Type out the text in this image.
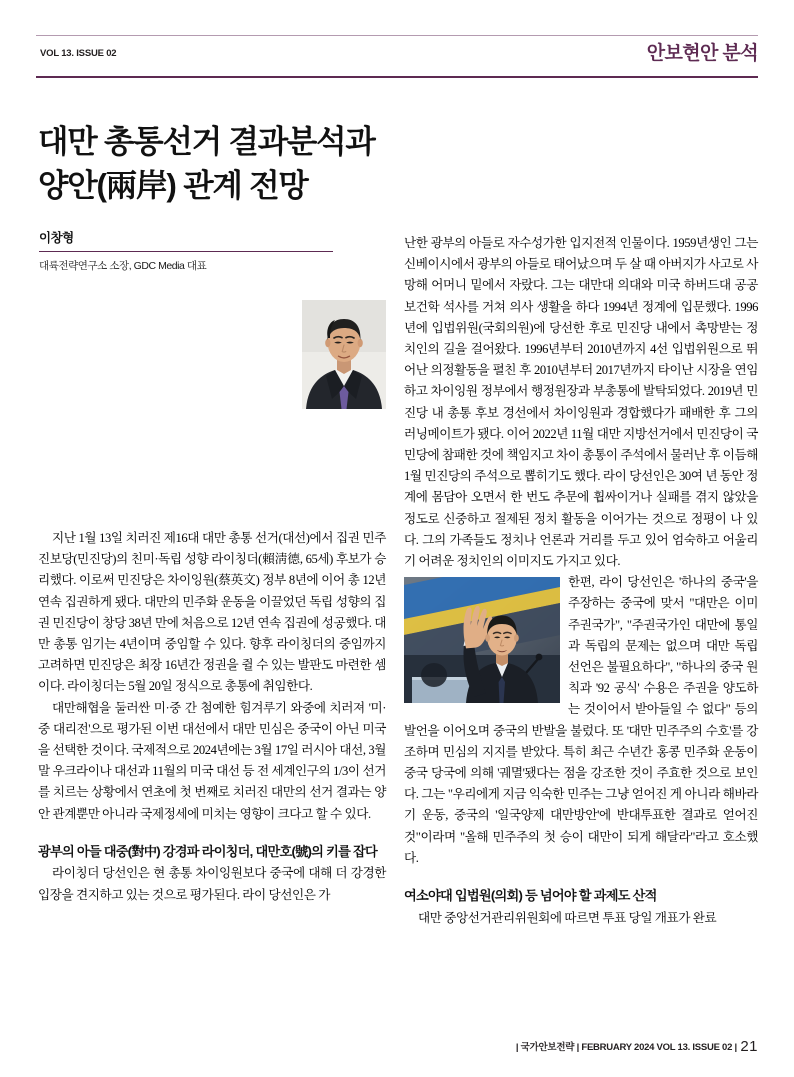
VOL 13. ISSUE 02	안보현안 분석
대만 총통선거 결과분석과
양안(兩岸) 관계 전망
이창형
대륙전략연구소 소장, GDC Media 대표

지난 1월 13일 치러진 제16대 대만 총통 선거(대선)에서 집권 민주진보당(민진당)의 친미·독립 성향 라이칭더(賴淸德, 65세) 후보가 승리했다. 이로써 민진당은 차이잉원(蔡英文) 정부 8년에 이어 총 12년 연속 집권하게 됐다. 대만의 민주화 운동을 이끌었던 독립 성향의 집권 민진당이 창당 38년 만에 처음으로 12년 연속 집권에 성공했다. 대만 총통 임기는 4년이며 중임할 수 있다. 향후 라이칭더의 중임까지 고려하면 민진당은 최장 16년간 정권을 쥘 수 있는 발판도 마련한 셈이다. 라이칭더는 5월 20일 정식으로 총통에 취임한다.

대만해협을 둘러싼 미·중 간 첨예한 힘겨루기 와중에 치러져 '미·중 대리전'으로 평가된 이번 대선에서 대만 민심은 중국이 아닌 미국을 선택한 것이다. 국제적으로 2024년에는 3월 17일 러시아 대선, 3월 말 우크라이나 대선과 11월의 미국 대선 등 전 세계인구의 1/3이 선거를 치르는 상황에서 연초에 첫 번째로 치러진 대만의 선거 결과는 양안 관계뿐만 아니라 국제정세에 미치는 영향이 크다고 할 수 있다.

광부의 아들 대중(對中) 강경파 라이칭더, 대만호(號)의 키를 잡다

라이칭더 당선인은 현 총통 차이잉원보다 중국에 대해 더 강경한 입장을 견지하고 있는 것으로 평가된다. 라이 당선인은 가

난한 광부의 아들로 자수성가한 입지전적 인물이다. 1959년생인 그는 신베이시에서 광부의 아들로 태어났으며 두 살 때 아버지가 사고로 사망해 어머니 밑에서 자랐다. 그는 대만대 의대와 미국 하버드대 공공보건학 석사를 거쳐 의사 생활을 하다 1994년 정계에 입문했다. 1996년에 입법위원(국회의원)에 당선한 후로 민진당 내에서 촉망받는 정치인의 길을 걸어왔다. 1996년부터 2010년까지 4선 입법위원으로 뛰어난 의정활동을 펼친 후 2010년부터 2017년까지 타이난 시장을 연임하고 차이잉원 정부에서 행정원장과 부총통에 발탁되었다. 2019년 민진당 내 총통 후보 경선에서 차이잉원과 경합했다가 패배한 후 그의 러닝메이트가 됐다. 이어 2022년 11월 대만 지방선거에서 민진당이 국민당에 참패한 것에 책임지고 차이 총통이 주석에서 물러난 후 이듬해 1월 민진당의 주석으로 뽑히기도 했다. 라이 당선인은 30여 년 동안 정계에 몸담아 오면서 한 번도 추문에 휩싸이거나 실패를 겪지 않았을 정도로 신중하고 절제된 정치 활동을 이어가는 것으로 정평이 나 있다. 그의 가족들도 정치나 언론과 거리를 두고 있어 엄숙하고 어울리기 어려운 정치인의 이미지도 가지고 있다.

한편, 라이 당선인은 '하나의 중국'을 주장하는 중국에 맞서 "대만은 이미 주권국가", "주권국가인 대만에 통일과 독립의 문제는 없으며 대만 독립 선언은 불필요하다", "하나의 중국 원칙과 '92 공식' 수용은 주권을 양도하는 것이어서 받아들일 수 없다" 등의 발언을 이어오며 중국의 반발을 불렀다. 또 '대만 민주주의 수호'를 강조하며 민심의 지지를 받았다. 특히 최근 수년간 홍콩 민주화 운동이 중국 당국에 의해 '궤멸'됐다는 점을 강조한 것이 주효한 것으로 보인다. 그는 "우리에게 지금 익숙한 민주는 그냥 얻어진 게 아니라 해바라기 운동, 중국의 '일국양제 대만방안'에 반대투표한 결과로 얻어진 것"이라며 "올해 민주주의 첫 승이 대만이 되게 해달라"라고 호소했다.

여소야대 입법원(의회) 등 넘어야 할 과제도 산적

대만 중앙선거관리위원회에 따르면 투표 당일 개표가 완료

| 국가안보전략 | FEBRUARY 2024 VOL 13. ISSUE 02 | 21
